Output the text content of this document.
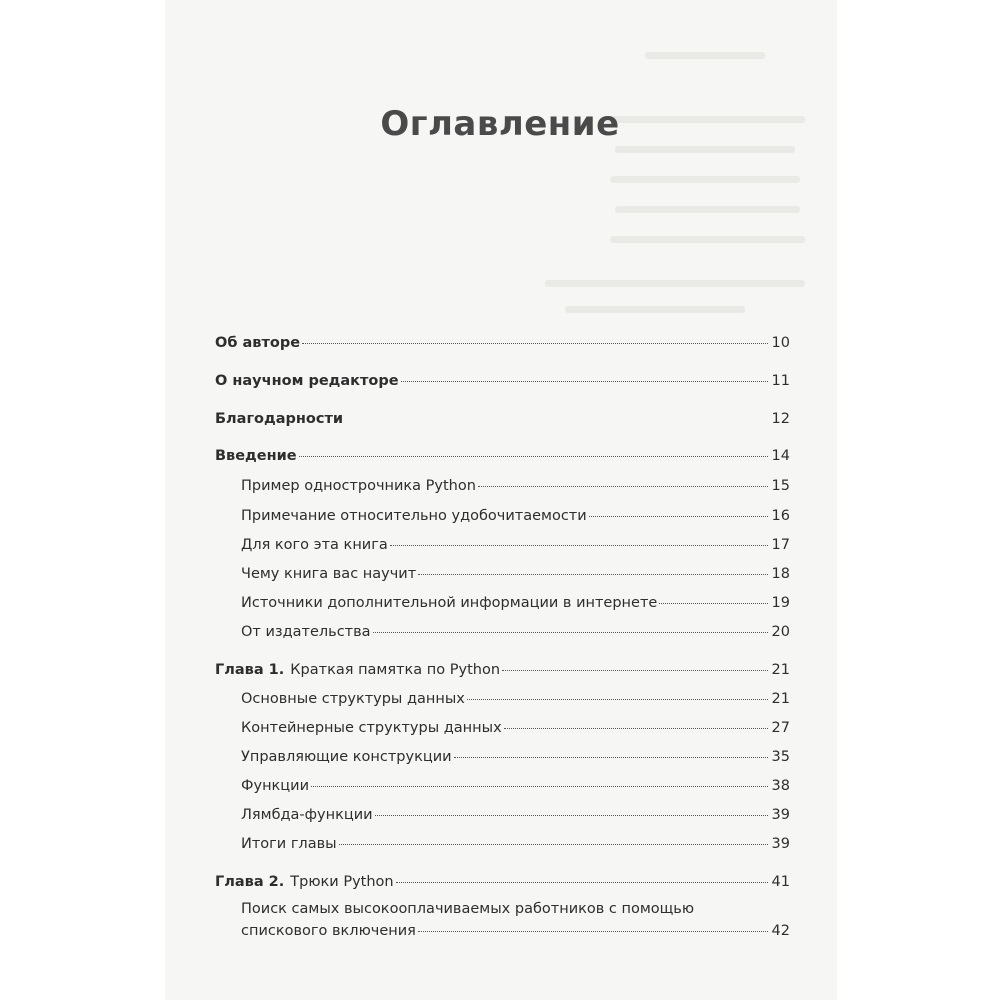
Оглавление
Об авторе	10
О научном редакторе	11
Благодарности	12
Введение	14
Пример однострочника Python	15
Примечание относительно удобочитаемости	16
Для кого эта книга	17
Чему книга вас научит	18
Источники дополнительной информации в интернете	19
От издательства	20
Глава 1. Краткая памятка по Python	21
Основные структуры данных	21
Контейнерные структуры данных	27
Управляющие конструкции	35
Функции	38
Лямбда-функции	39
Итоги главы	39
Глава 2. Трюки Python	41
Поиск самых высокооплачиваемых работников с помощью
спискового включения	42
